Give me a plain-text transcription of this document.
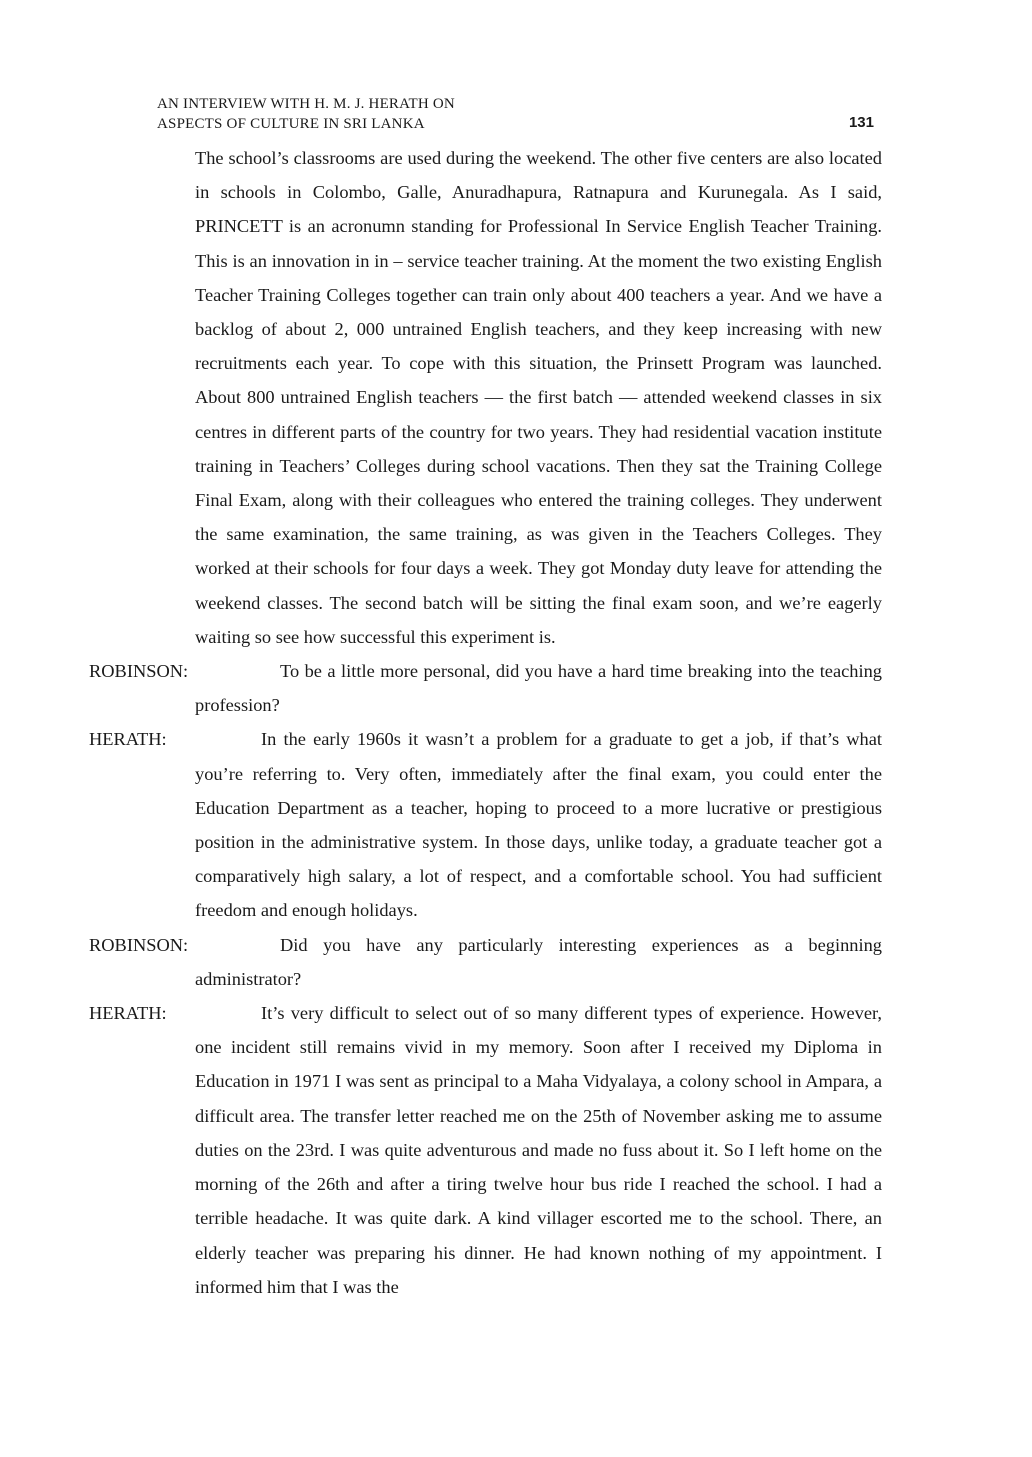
AN INTERVIEW WITH H. M. J. HERATH ON
ASPECTS OF CULTURE IN SRI LANKA	131

The school’s classrooms are used during the weekend. The other five centers are also located in schools in Colombo, Galle, Anuradhapura, Ratnapura and Kurunegala. As I said, PRINCETT is an acronumn standing for Professional In Service English Teacher Training. This is an innovation in in – service teacher training. At the moment the two existing English Teacher Training Colleges together can train only about 400 teachers a year. And we have a backlog of about 2, 000 untrained English teachers, and they keep increasing with new recruitments each year. To cope with this situation, the Prinsett Program was launched. About 800 untrained English teachers — the first batch — attended weekend classes in six centres in different parts of the country for two years. They had residential vacation institute training in Teachers’ Colleges during school vacations. Then they sat the Training College Final Exam, along with their colleagues who entered the training colleges. They underwent the same examination, the same training, as was given in the Teachers Colleges. They worked at their schools for four days a week. They got Monday duty leave for attending the weekend classes. The second batch will be sitting the final exam soon, and we’re eagerly waiting so see how successful this experiment is.

ROBINSON:	To be a little more personal, did you have a hard time breaking into the teaching profession?

HERATH:	In the early 1960s it wasn’t a problem for a graduate to get a job, if that’s what you’re referring to. Very often, immediately after the final exam, you could enter the Education Department as a teacher, hoping to proceed to a more lucrative or prestigious position in the administrative system. In those days, unlike today, a graduate teacher got a comparatively high salary, a lot of respect, and a comfortable school. You had sufficient freedom and enough holidays.

ROBINSON:	Did you have any particularly interesting experiences as a beginning administrator?

HERATH:	It’s very difficult to select out of so many different types of experience. However, one incident still remains vivid in my memory. Soon after I received my Diploma in Education in 1971 I was sent as principal to a Maha Vidyalaya, a colony school in Ampara, a difficult area. The transfer letter reached me on the 25th of November asking me to assume duties on the 23rd. I was quite adventurous and made no fuss about it. So I left home on the morning of the 26th and after a tiring twelve hour bus ride I reached the school. I had a terrible headache. It was quite dark. A kind villager escorted me to the school. There, an elderly teacher was preparing his dinner. He had known nothing of my appointment. I informed him that I was the
